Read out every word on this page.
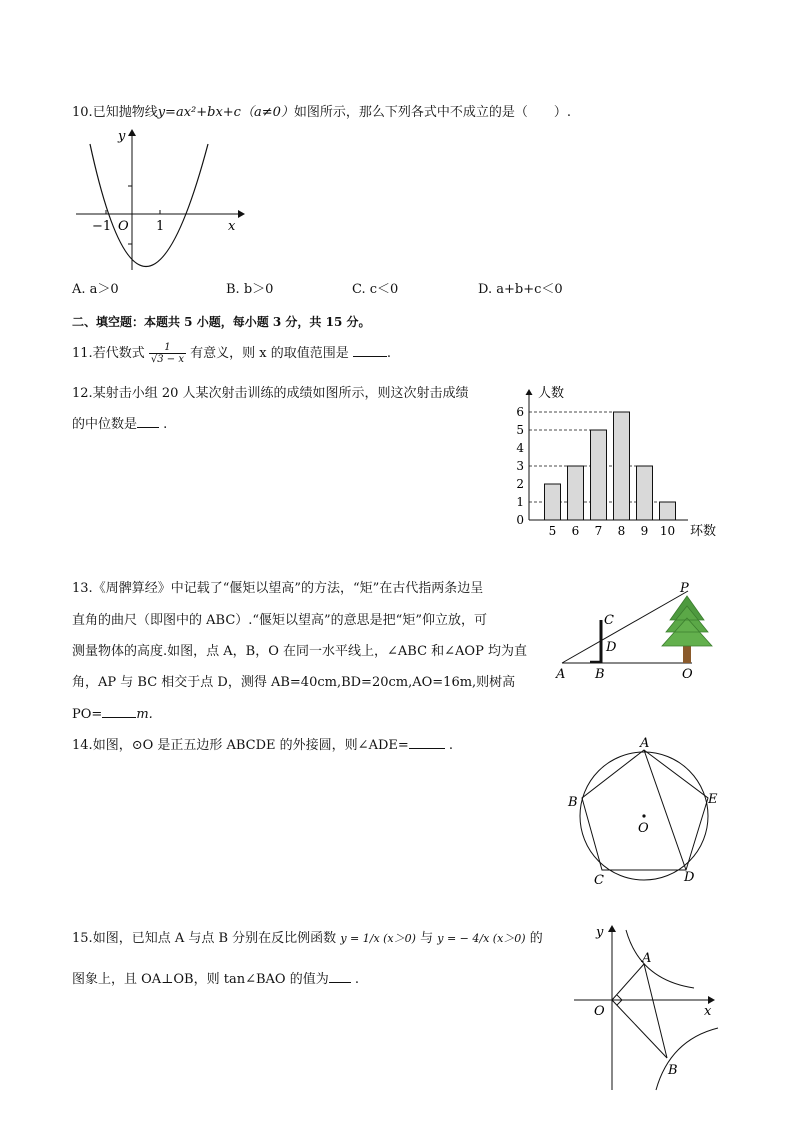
10.已知抛物线y=ax²+bx+c（a≠0）如图所示，那么下列各式中不成立的是（　　）.
y
x
O
−1	1
A. a＞0	B. b＞0	C. c＜0	D. a+b+c＜0
二、填空题：本题共 5 小题，每小题 3 分，共 15 分。
11.若代数式 $\frac{1}{√3 - x}$ 有意义，则 x 的取值范围是	.
12.某射击小组 20 人某次射击训练的成绩如图所示，则这次射击成绩
的中位数是 .
0
1
2
3
4
5
6
5 6 7 8 9 10
人数
环数
13.《周髀算经》中记载了“偃矩以望高”的方法，“矩”在古代指两条边呈
直角的曲尺（即图中的 ABC）.“偃矩以望高”的意思是把“矩”仰立放，可
测量物体的高度.如图，点 A，B，O 在同一水平线上，∠ABC 和∠AOP 均为直
角，AP 与 BC 相交于点 D，测得 AB=40cm,BD=20cm,AO=16m,则树高
PO=	m.
P
C
D
A B	O
14.如图，⊙O 是正五边形 ABCDE 的外接圆，则∠ADE=	.	A
B
C	D
E
O
15.如图，已知点 A 与点 B 分别在反比例函数 y = 1/x (x＞0) 与 y = − 4/x (x＞0) 的
图象上，且 OA⊥OB，则 tan∠BAO 的值为 .
y
x
O
A
B
